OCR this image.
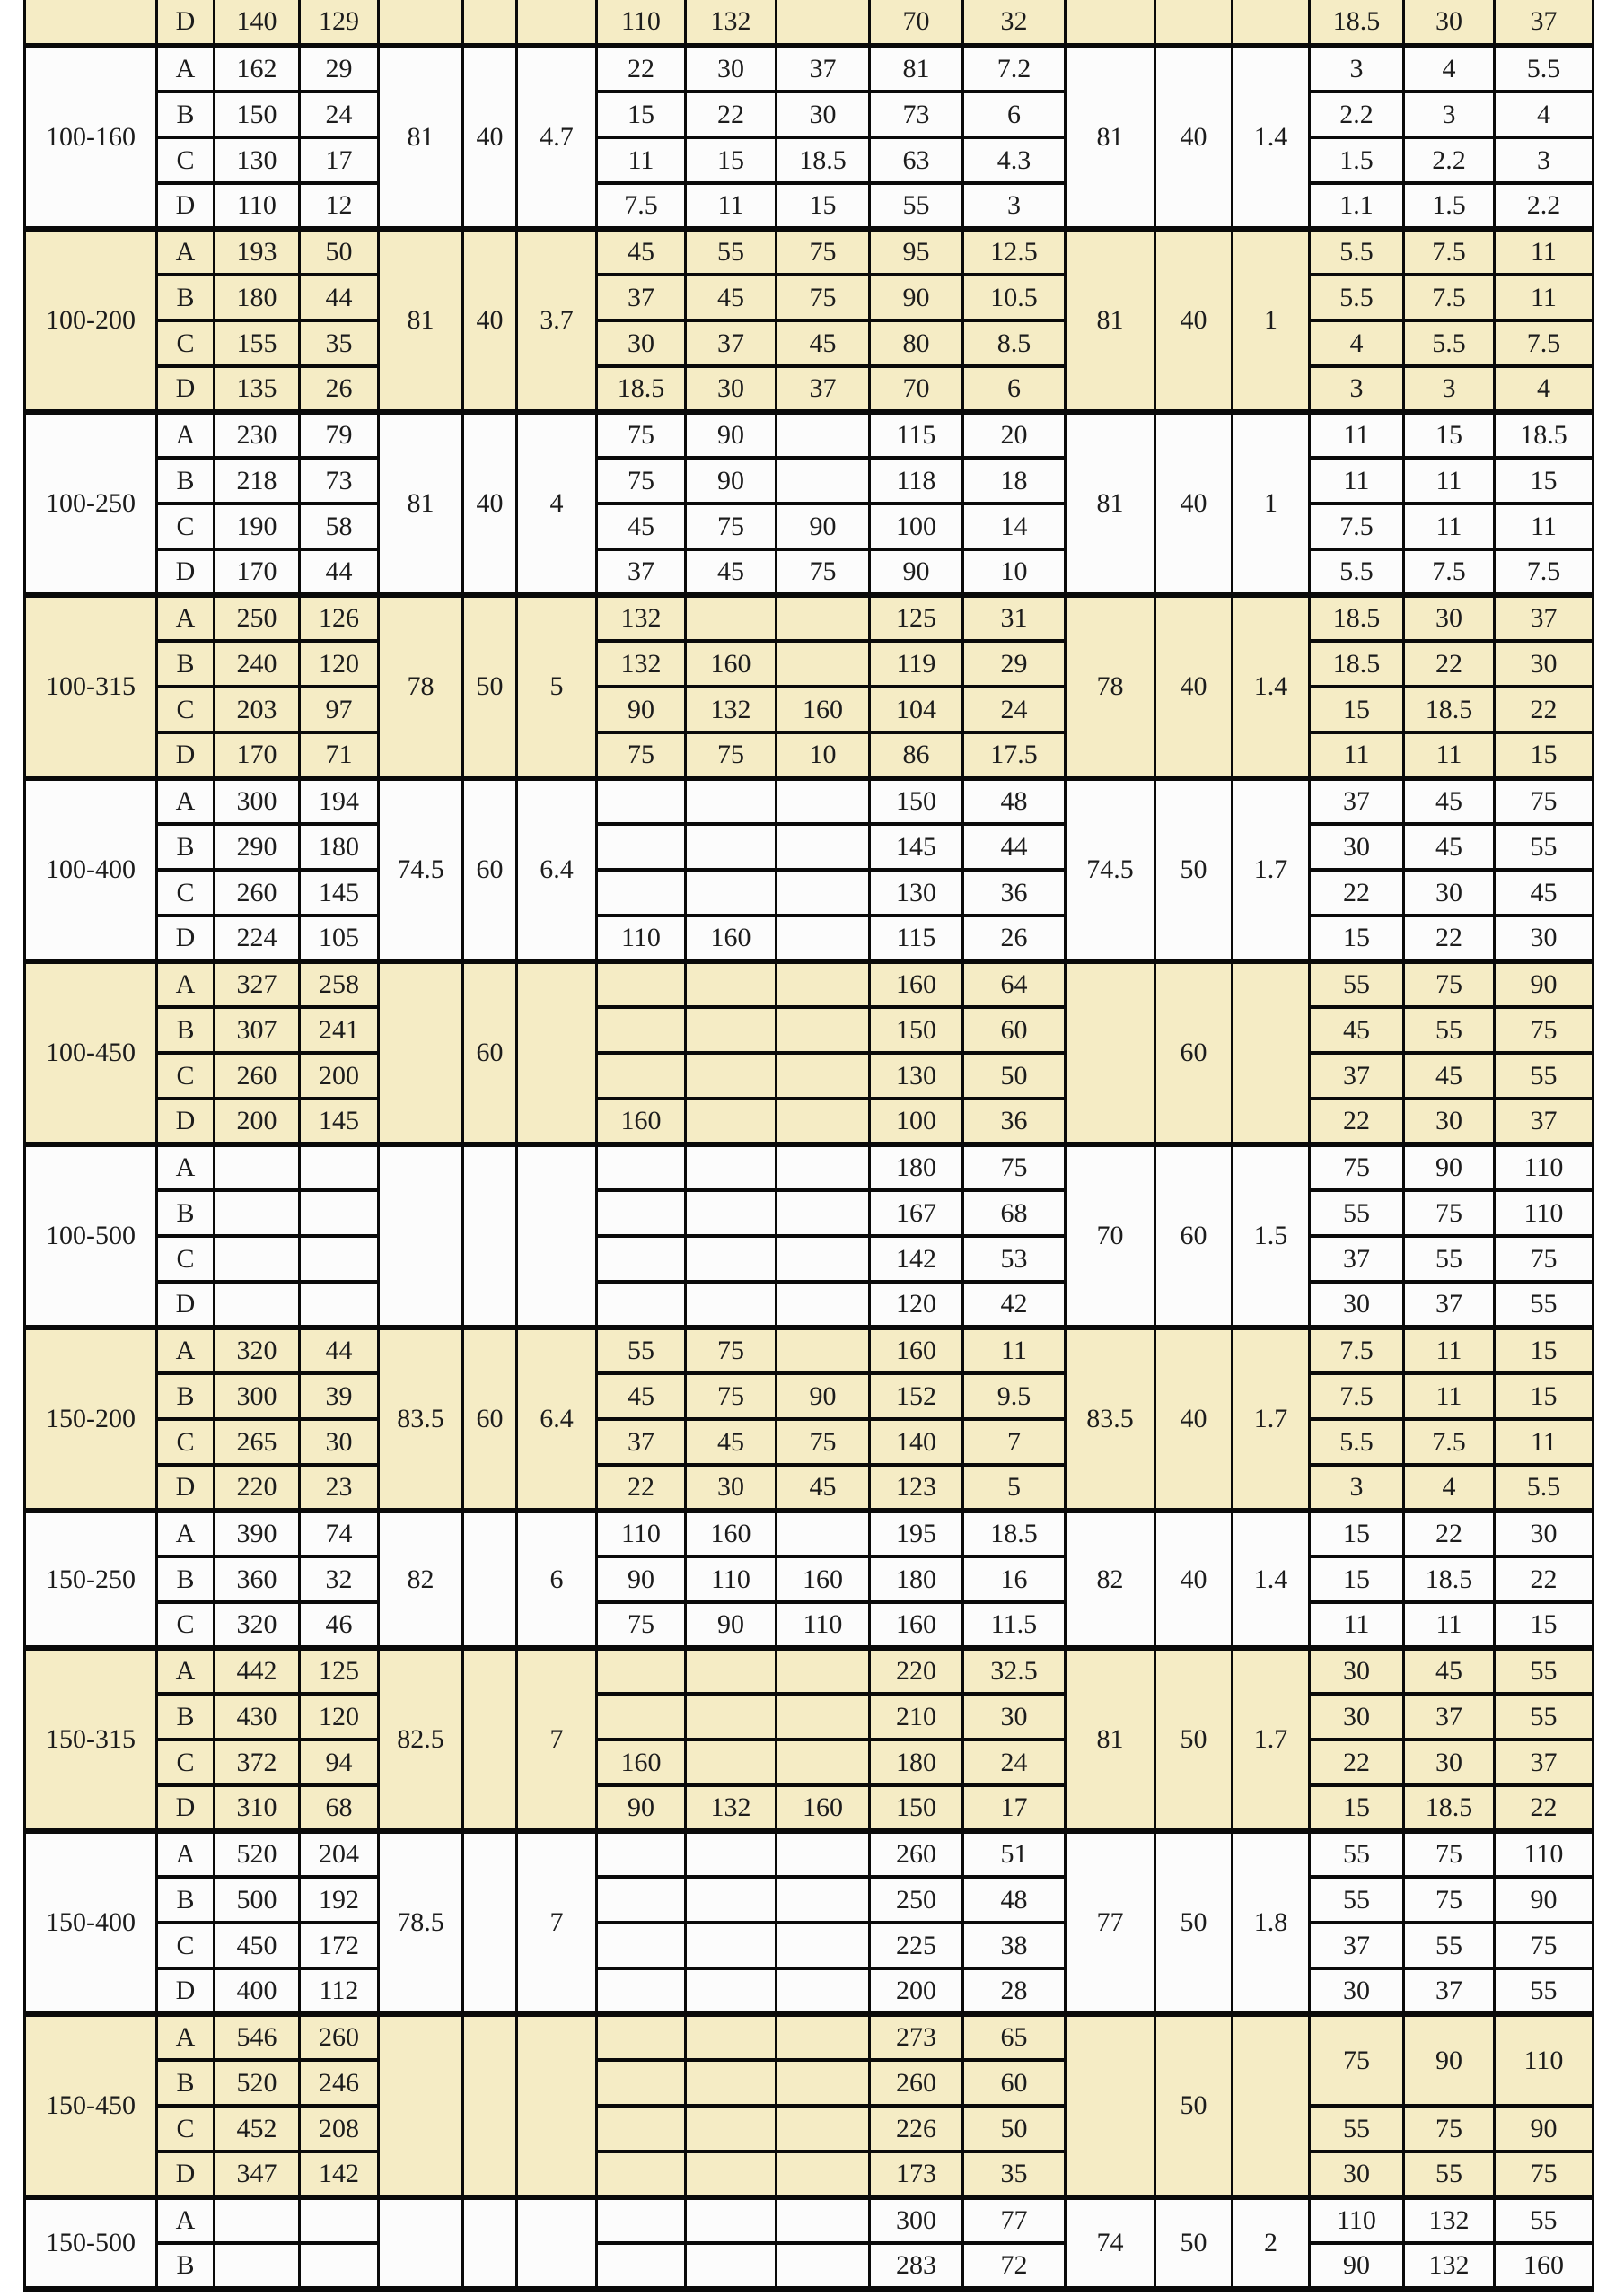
	D	140	129				110	132		70	32				18.5	30	37
100-160	A	162	29	81	40	4.7	22	30	37	81	7.2	81	40	1.4	3	4	5.5
	B	150	24				15	22	30	73	6				2.2	3	4
	C	130	17				11	15	18.5	63	4.3				1.5	2.2	3
	D	110	12				7.5	11	15	55	3				1.1	1.5	2.2
100-200	A	193	50	81	40	3.7	45	55	75	95	12.5	81	40	1	5.5	7.5	11
	B	180	44				37	45	75	90	10.5				5.5	7.5	11
	C	155	35				30	37	45	80	8.5				4	5.5	7.5
	D	135	26				18.5	30	37	70	6				3	3	4
100-250	A	230	79	81	40	4	75	90		115	20	81	40	1	11	15	18.5
	B	218	73				75	90		118	18				11	11	15
	C	190	58				45	75	90	100	14				7.5	11	11
	D	170	44				37	45	75	90	10				5.5	7.5	7.5
100-315	A	250	126	78	50	5	132			125	31	78	40	1.4	18.5	30	37
	B	240	120				132	160		119	29				18.5	22	30
	C	203	97				90	132	160	104	24				15	18.5	22
	D	170	71				75	75	10	86	17.5				11	11	15
100-400	A	300	194	74.5	60	6.4				150	48	74.5	50	1.7	37	45	75
	B	290	180							145	44				30	45	55
	C	260	145							130	36				22	30	45
	D	224	105				110	160		115	26				15	22	30
100-450	A	327	258		60					160	64		60		55	75	90
	B	307	241							150	60				45	55	75
	C	260	200							130	50				37	45	55
	D	200	145				160			100	36				22	30	37
100-500	A									180	75	70	60	1.5	75	90	110
	B									167	68				55	75	110
	C									142	53				37	55	75
	D									120	42				30	37	55
150-200	A	320	44	83.5	60	6.4	55	75		160	11	83.5	40	1.7	7.5	11	15
	B	300	39				45	75	90	152	9.5				7.5	11	15
	C	265	30				37	45	75	140	7				5.5	7.5	11
	D	220	23				22	30	45	123	5				3	4	5.5
150-250	A	390	74	82		6	110	160		195	18.5	82	40	1.4	15	22	30
	B	360	32				90	110	160	180	16				15	18.5	22
	C	320	46				75	90	110	160	11.5				11	11	15
150-315	A	442	125	82.5		7				220	32.5	81	50	1.7	30	45	55
	B	430	120							210	30				30	37	55
	C	372	94				160			180	24				22	30	37
	D	310	68				90	132	160	150	17				15	18.5	22
150-400	A	520	204	78.5		7				260	51	77	50	1.8	55	75	110
	B	500	192							250	48				55	75	90
	C	450	172							225	38				37	55	75
	D	400	112							200	28				30	37	55
150-450	A	546	260							273	65		50		75	90	110
	B	520	246							260	60						
	C	452	208							226	50				55	75	90
	D	347	142							173	35				30	55	75
150-500	A									300	77	74	50	2	110	132	55
	B									283	72				90	132	160
